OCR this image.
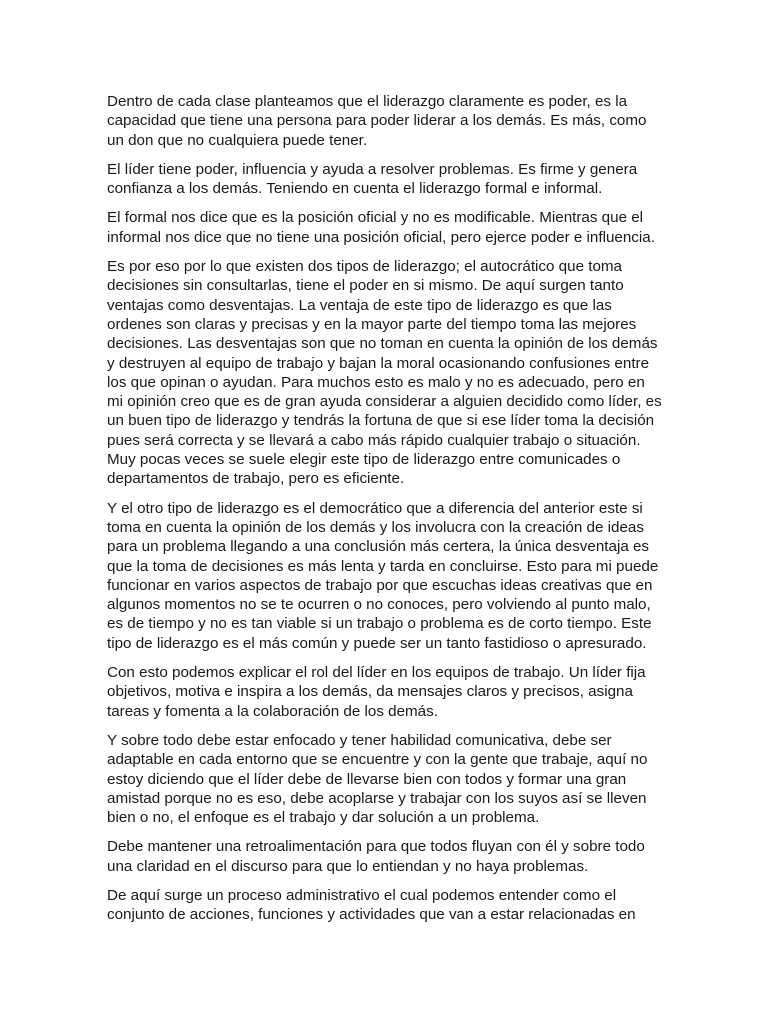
Dentro de cada clase planteamos que el liderazgo claramente es poder, es la capacidad que tiene una persona para poder liderar a los demás. Es más, como un don que no cualquiera puede tener.

El líder tiene poder, influencia y ayuda a resolver problemas. Es firme y genera confianza a los demás. Teniendo en cuenta el liderazgo formal e informal.

El formal nos dice que es la posición oficial y no es modificable. Mientras que el informal nos dice que no tiene una posición oficial, pero ejerce poder e influencia.

Es por eso por lo que existen dos tipos de liderazgo; el autocrático que toma decisiones sin consultarlas, tiene el poder en si mismo. De aquí surgen tanto ventajas como desventajas. La ventaja de este tipo de liderazgo es que las ordenes son claras y precisas y en la mayor parte del tiempo toma las mejores decisiones. Las desventajas son que no toman en cuenta la opinión de los demás y destruyen al equipo de trabajo y bajan la moral ocasionando confusiones entre los que opinan o ayudan. Para muchos esto es malo y no es adecuado, pero en mi opinión creo que es de gran ayuda considerar a alguien decidido como líder, es un buen tipo de liderazgo y tendrás la fortuna de que si ese líder toma la decisión pues será correcta y se llevará a cabo más rápido cualquier trabajo o situación. Muy pocas veces se suele elegir este tipo de liderazgo entre comunicades o departamentos de trabajo, pero es eficiente.

Y el otro tipo de liderazgo es el democrático que a diferencia del anterior este si toma en cuenta la opinión de los demás y los involucra con la creación de ideas para un problema llegando a una conclusión más certera, la única desventaja es que la toma de decisiones es más lenta y tarda en concluirse. Esto para mi puede funcionar en varios aspectos de trabajo por que escuchas ideas creativas que en algunos momentos no se te ocurren o no conoces, pero volviendo al punto malo, es de tiempo y no es tan viable si un trabajo o problema es de corto tiempo. Este tipo de liderazgo es el más común y puede ser un tanto fastidioso o apresurado.

Con esto podemos explicar el rol del líder en los equipos de trabajo. Un líder fija objetivos, motiva e inspira a los demás, da mensajes claros y precisos, asigna tareas y fomenta a la colaboración de los demás.

Y sobre todo debe estar enfocado y tener habilidad comunicativa, debe ser adaptable en cada entorno que se encuentre y con la gente que trabaje, aquí no estoy diciendo que el líder debe de llevarse bien con todos y formar una gran amistad porque no es eso, debe acoplarse y trabajar con los suyos así se lleven bien o no, el enfoque es el trabajo y dar solución a un problema.

Debe mantener una retroalimentación para que todos fluyan con él y sobre todo una claridad en el discurso para que lo entiendan y no haya problemas.

De aquí surge un proceso administrativo el cual podemos entender como el conjunto de acciones, funciones y actividades que van a estar relacionadas en
